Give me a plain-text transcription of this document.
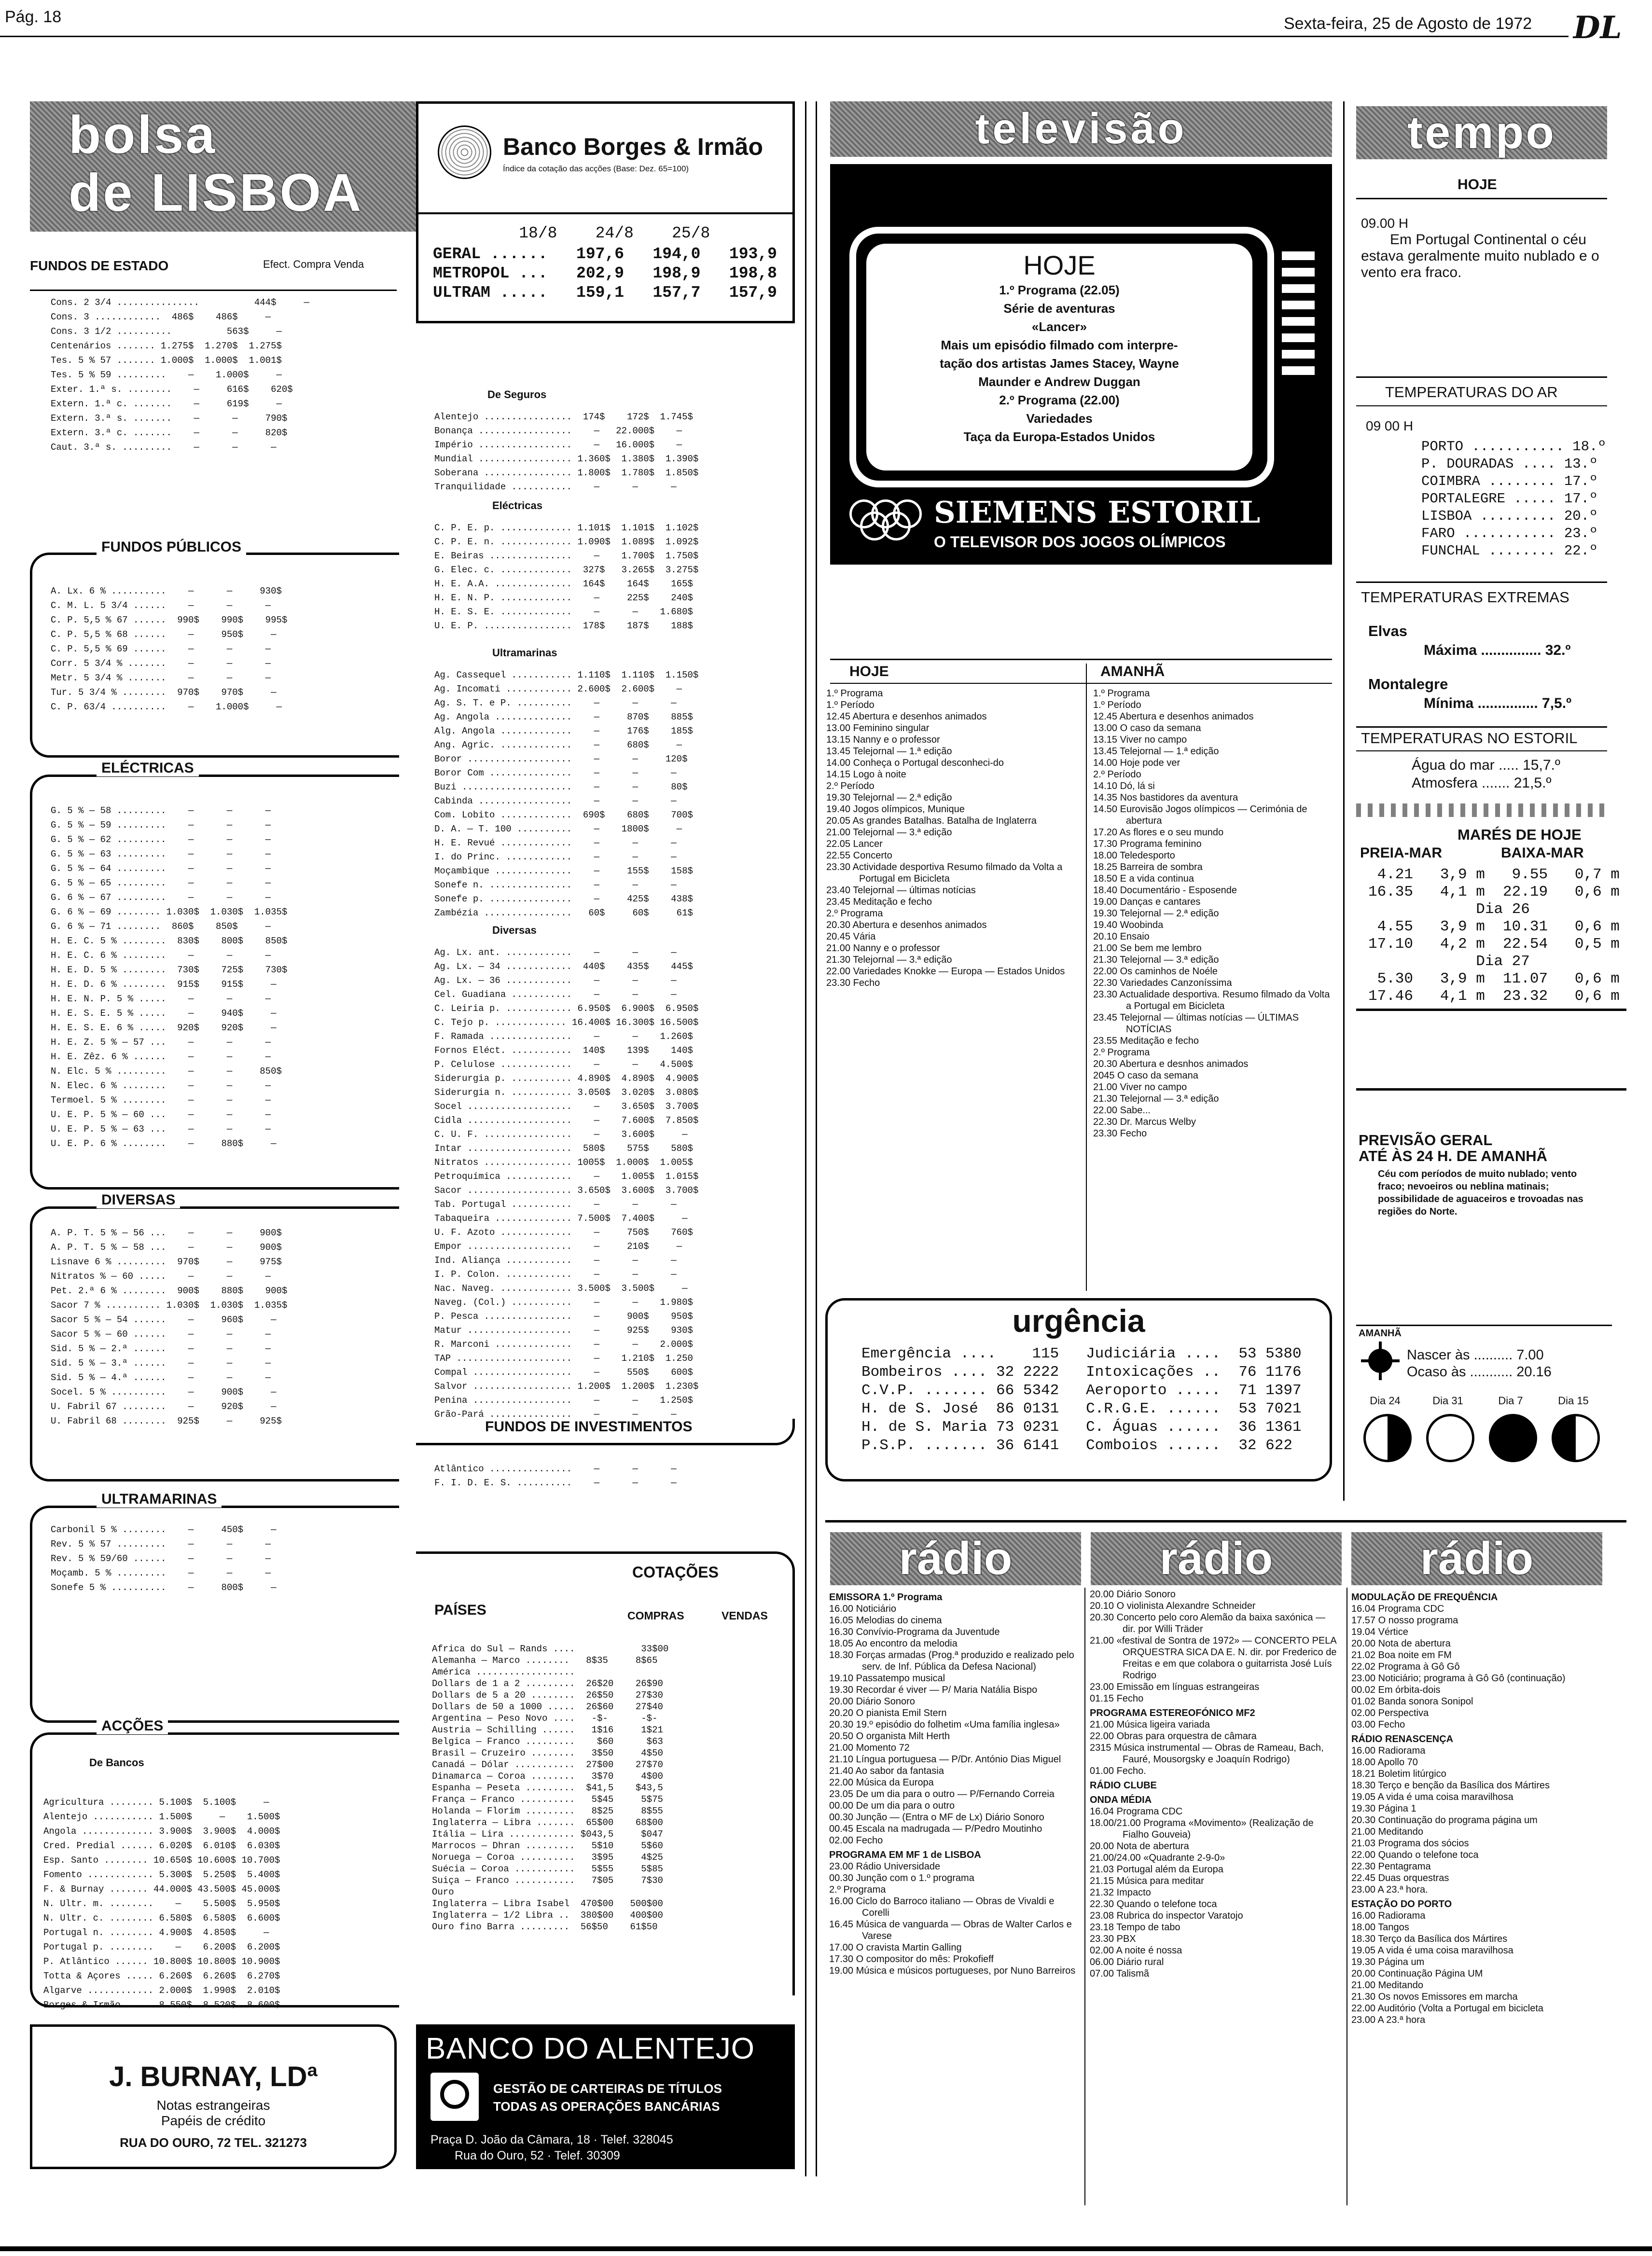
Pág. 18	Sexta-feira, 25 de Agosto de 1972 DL
bolsa
de LISBOA
FUNDOS DE ESTADO	Efect. Compra Venda
Cons. 2 3/4 ...............          444$     —
Cons. 3 ............  486$    486$     —
Cons. 3 1/2 ..........          563$     —
Centenários ....... 1.275$  1.270$  1.275$
Tes. 5 % 57 ....... 1.000$  1.000$  1.001$
Tes. 5 % 59 .........    —    1.000$     —
Exter. 1.ª s. ........    —     616$    620$
Extern. 1.ª c. .......    —     619$     —
Extern. 3.ª s. .......    —      —     790$
Extern. 3.ª c. .......    —      —     820$
Caut. 3.ª s. .........    —      —      —
FUNDOS PÚBLICOS
A. Lx. 6 % ..........    —      —     930$
C. M. L. 5 3/4 ......    —      —      —
C. P. 5,5 % 67 ......  990$    990$    995$
C. P. 5,5 % 68 ......    —     950$     —
C. P. 5,5 % 69 ......    —      —      —
Corr. 5 3/4 % .......    —      —      —
Metr. 5 3/4 % .......    —      —      —
Tur. 5 3/4 % ........  970$    970$     —
C. P. 63/4 ..........    —    1.000$     —
ELÉCTRICAS
G. 5 % — 58 .........    —      —      —
G. 5 % — 59 .........    —      —      —
G. 5 % — 62 .........    —      —      —
G. 5 % — 63 .........    —      —      —
G. 5 % — 64 .........    —      —      —
G. 5 % — 65 .........    —      —      —
G. 6 % — 67 .........    —      —      —
G. 6 % — 69 ........ 1.030$  1.030$  1.035$
G. 6 % — 71 ........  860$    850$     —
H. E. C. 5 % ........  830$    800$    850$
H. E. C. 6 % ........    —      —      —
H. E. D. 5 % ........  730$    725$    730$
H. E. D. 6 % ........  915$    915$     —
H. E. N. P. 5 % .....    —      —      —
H. E. S. E. 5 % .....    —     940$     —
H. E. S. E. 6 % .....  920$    920$     —
H. E. Z. 5 % — 57 ...    —      —      —
H. E. Zêz. 6 % ......    —      —      —
N. Elc. 5 % .........    —      —     850$
N. Elec. 6 % ........    —      —      —
Termoel. 5 % ........    —      —      —
U. E. P. 5 % — 60 ...    —      —      —
U. E. P. 5 % — 63 ...    —      —      —
U. E. P. 6 % ........    —     880$     —
DIVERSAS
A. P. T. 5 % — 56 ...    —      —     900$
A. P. T. 5 % — 58 ...    —      —     900$
Lisnave 6 % .........  970$     —     975$
Nitratos % — 60 .....    —      —      —
Pet. 2.ª 6 % ........  900$    880$    900$
Sacor 7 % .......... 1.030$  1.030$  1.035$
Sacor 5 % — 54 ......    —     960$     —
Sacor 5 % — 60 ......    —      —      —
Sid. 5 % — 2.ª ......    —      —      —
Sid. 5 % — 3.ª ......    —      —      —
Sid. 5 % — 4.ª ......    —      —      —
Socel. 5 % ..........    —     900$     —
U. Fabril 67 ........    —     920$     —
U. Fabril 68 ........  925$     —     925$
ULTRAMARINAS
Carbonil 5 % ........    —     450$     —
Rev. 5 % 57 .........    —      —      —
Rev. 5 % 59/60 ......    —      —      —
Moçamb. 5 % .........    —      —      —
Sonefe 5 % ..........    —     800$     —
ACÇÕES
De Bancos
Agricultura ........ 5.100$  5.100$     —
Alentejo ........... 1.500$     —    1.500$
Angola ............. 3.900$  3.900$  4.000$
Cred. Predial ...... 6.020$  6.010$  6.030$
Esp. Santo ........ 10.650$ 10.600$ 10.700$
Fomento ............ 5.300$  5.250$  5.400$
F. & Burnay ....... 44.000$ 43.500$ 45.000$
N. Ultr. m. ........    —    5.500$  5.950$
N. Ultr. c. ........ 6.580$  6.580$  6.600$
Portugal n. ........ 4.900$  4.850$     —
Portugal p. ........    —    6.200$  6.200$
P. Atlântico ...... 10.800$ 10.800$ 10.900$
Totta & Açores ..... 6.260$  6.260$  6.270$
Algarve ............ 2.000$  1.990$  2.010$
Borges & Irmão ..... 8.550$  8.520$  8.600$
J. BURNAY, LDª
Notas estrangeiras
Papéis de crédito
RUA DO OURO, 72 TEL. 321273
Banco Borges & Irmão
Índice da cotação das acções (Base: Dez. 65=100)
18/8    24/8    25/8
GERAL ......   197,6   194,0   193,9
METROPOL ...   202,9   198,9   198,8
ULTRAM .....   159,1   157,7   157,9
De Seguros
Alentejo ................  174$    172$  1.745$
Bonança .................    —   22.000$    —
Império .................    —   16.000$    —
Mundial ................. 1.360$  1.380$  1.390$
Soberana ................ 1.800$  1.780$  1.850$
Tranquilidade ...........    —      —      —
Eléctricas
C. P. E. p. ............. 1.101$  1.101$  1.102$
C. P. E. n. ............. 1.090$  1.089$  1.092$
E. Beiras ...............    —    1.700$  1.750$
G. Elec. c. .............  327$   3.265$  3.275$
H. E. A.A. ..............  164$    164$    165$
H. E. N. P. .............    —     225$    240$
H. E. S. E. .............    —      —    1.680$
U. E. P. ................  178$    187$    188$
Ultramarinas
Ag. Cassequel ........... 1.110$  1.110$  1.150$
Ag. Incomati ............ 2.600$  2.600$    —
Ag. S. T. e P. ..........    —      —      —
Ag. Angola ..............    —     870$    885$
Alg. Angola .............    —     176$    185$
Ang. Agric. .............    —     680$     —
Boror ...................    —      —     120$
Boror Com ...............    —      —      —
Buzi ....................    —      —      80$
Cabinda .................    —      —      —
Com. Lobito .............  690$    680$    700$
D. A. — T. 100 ..........    —    1800$     —
H. E. Revué .............    —      —      —
I. do Princ. ............    —      —      —
Moçambique ..............    —     155$    158$
Sonefe n. ...............    —      —      —
Sonefe p. ...............    —     425$    438$
Zambézia ................   60$     60$     61$
Diversas
Ag. Lx. ant. ............    —      —      —
Ag. Lx. — 34 ............  440$    435$    445$
Ag. Lx. — 36 ............    —      —      —
Cel. Guadiana ...........    —      —      —
C. Leiria p. ............ 6.950$  6.900$  6.950$
C. Tejo p. ............. 16.400$ 16.300$ 16.500$
F. Ramada ...............    —      —    1.260$
Fornos Eléct. ...........  140$    139$    140$
P. Celulose .............    —      —    4.500$
Siderurgia p. ........... 4.890$  4.890$  4.900$
Siderurgia n. ........... 3.050$  3.020$  3.080$
Socel ...................    —    3.650$  3.700$
Cidla ...................    —    7.600$  7.850$
C. U. F. ................    —    3.600$     —
Intar ...................  580$    575$    580$
Nitratos ................ 1005$  1.000$  1.005$
Petroquímica ............    —    1.005$  1.015$
Sacor ................... 3.650$  3.600$  3.700$
Tab. Portugal ...........    —      —      —
Tabaqueira .............. 7.500$  7.400$     —
U. F. Azoto .............    —     750$    760$
Empor ...................    —     210$     —
Ind. Aliança ............    —      —      —
I. P. Colon. ............    —      —      —
Nac. Naveg. ............. 3.500$  3.500$     —
Naveg. (Col.) ...........    —      —    1.980$
P. Pesca ................    —     900$    950$
Matur ...................    —     925$    930$
R. Marconi ..............    —      —    2.000$
TAP .....................    —    1.210$  1.250
Compal ..................    —     550$    600$
Salvor .................. 1.200$  1.200$  1.230$
Penina ..................    —      —    1.250$
Grão-Pará ...............    —      —      —
FUNDOS DE INVESTIMENTOS
Atlântico ...............    —      —      —
F. I. D. E. S. ..........    —      —      —
COTAÇÕES
PAÍSES	COMPRAS	VENDAS
Africa do Sul — Rands ....            33$00
Alemanha — Marco ........   8$35     8$65
América ..................
Dollars de 1 a 2 .........  26$20    26$90
Dollars de 5 a 20 ........  26$50    27$30
Dollars de 50 a 1000 .....  26$60    27$40
Argentina — Peso Novo ....   -$-      -$-
Austria — Schilling ......   1$16     1$21
Belgica — Franco .........    $60      $63
Brasil — Cruzeiro ........   3$50     4$50
Canadá — Dólar ...........  27$00    27$70
Dinamarca — Coroa ........   3$70     4$00
Espanha — Peseta .........  $41,5    $43,5
França — Franco ..........   5$45     5$75
Holanda — Florim .........   8$25     8$55
Inglaterra — Libra .......  65$00    68$00
Itália — Lira ............ $043,5     $047
Marrocos — Dhran .........   5$10     5$60
Noruega — Coroa ..........   3$95     4$25
Suécia — Coroa ...........   5$55     5$85
Suiça — Franco ...........   7$05     7$30
Ouro
Inglaterra — Libra Isabel  470$00   500$00
Inglaterra — 1/2 Libra ..  380$00   400$00
Ouro fino Barra .........  56$50    61$50
BANCO DO ALENTEJO
GESTÃO DE CARTEIRAS DE TÍTULOS
TODAS AS OPERAÇÕES BANCÁRIAS
Praça D. João da Câmara, 18 · Telef. 328045
Rua do Ouro, 52 · Telef. 30309
televisão
HOJE
1.º Programa (22.05)
Série de aventuras
«Lancer»
Mais um episódio filmado com interpre-
tação dos artistas James Stacey, Wayne
Maunder e Andrew Duggan
2.º Programa (22.00)
Variedades
Taça da Europa-Estados Unidos
SIEMENS ESTORIL
O TELEVISOR DOS JOGOS OLÍMPICOS
HOJE	AMANHÃ
1.º Programa
1.º Período
12.45 Abertura e desenhos animados
13.00 Feminino singular
13.15 Nanny e o professor
13.45 Telejornal — 1.ª edição
14.00 Conheça o Portugal desconheci-do
14.15 Logo à noite
2.º Período
19.30 Telejornal — 2.ª edição
19.40 Jogos olímpicos, Munique
20.05 As grandes Batalhas. Batalha de Inglaterra
21.00 Telejornal — 3.ª edição
22.05 Lancer
22.55 Concerto
23.30 Actividade desportiva Resumo filmado da Volta a Portugal em Bicicleta
23.40 Telejornal — últimas notícias
23.45 Meditação e fecho
2.º Programa
20.30 Abertura e desenhos animados
20.45 Vária
21.00 Nanny e o professor
21.30 Telejornal — 3.ª edição
22.00 Variedades Knokke — Europa — Estados Unidos
23.30 Fecho
1.º Programa
1.º Período
12.45 Abertura e desenhos animados
13.00 O caso da semana
13.15 Viver no campo
13.45 Telejornal — 1.ª edição
14.00 Hoje pode ver
2.º Período
14.10 Dó, lá si
14.35 Nos bastidores da aventura
14.50 Eurovisão Jogos olímpicos — Cerimónia de abertura
17.20 As flores e o seu mundo
17.30 Programa feminino
18.00 Teledesporto
18.25 Barreira de sombra
18.50 E a vida continua
18.40 Documentário - Esposende
19.00 Danças e cantares
19.30 Telejornal — 2.ª edição
19.40 Woobinda
20.10 Ensaio
21.00 Se bem me lembro
21.30 Telejornal — 3.ª edição
22.00 Os caminhos de Noéle
22.30 Variedades Canzoníssima
23.30 Actualidade desportiva. Resumo filmado da Volta a Portugal em Bicicleta
23.45 Telejornal — últimas notícias — ÚLTIMAS NOTÍCIAS
23.55 Meditação e fecho
2.º Programa
20.30 Abertura e desnhos animados
2045 O caso da semana
21.00 Viver no campo
21.30 Telejornal — 3.ª edição
22.00 Sabe...
22.30 Dr. Marcus Welby
23.30 Fecho
urgência
Emergência ....    115   Judiciária ....  53 5380
Bombeiros .... 32 2222   Intoxicações ..  76 1176
C.V.P. ....... 66 5342   Aeroporto .....  71 1397
H. de S. José  86 0131   C.R.G.E. ......  53 7021
H. de S. Maria 73 0231   C. Águas ......  36 1361
P.S.P. ....... 36 6141   Comboios ......  32 622
rádio	rádio	rádio
EMISSORA 1.º Programa
16.00 Noticiário
16.05 Melodias do cinema
16.30 Convívio-Programa da Juventude
18.05 Ao encontro da melodia
18.30 Forças armadas (Prog.ª produzido e realizado pelo serv. de Inf. Pública da Defesa Nacional)
19.10 Passatempo musical
19.30 Recordar é viver — P/ Maria Natália Bispo
20.00 Diário Sonoro
20.20 O pianista Emil Stern
20.30 19.º episódio do folhetim «Uma família inglesa»
20.50 O organista Milt Herth
21.00 Momento 72
21.10 Língua portuguesa — P/Dr. António Dias Miguel
21.40 Ao sabor da fantasia
22.00 Música da Europa
23.05 De um dia para o outro — P/Fernando Correia
00.00 De um dia para o outro
00.30 Junção — (Entra o MF de Lx) Diário Sonoro
00.45 Escala na madrugada — P/Pedro Moutinho
02.00 Fecho
PROGRAMA EM MF 1 de LISBOA
23.00 Rádio Universidade
00.30 Junção com o 1.º programa
2.º Programa
16.00 Ciclo do Barroco italiano — Obras de Vivaldi e Corelli
16.45 Música de vanguarda — Obras de Walter Carlos e Varese
17.00 O cravista Martin Galling
17.30 O compositor do mês: Prokofieff
19.00 Música e músicos portugueses, por Nuno Barreiros
20.00 Diário Sonoro
20.10 O violinista Alexandre Schneider
20.30 Concerto pelo coro Alemão da baixa saxónica — dir. por Willi Träder
21.00 «festival de Sontra de 1972» — CONCERTO PELA ORQUESTRA SICA DA E. N. dir. por Frederico de Freitas e em que colabora o guitarrista José Luís Rodrigo
23.00 Emissão em línguas estrangeiras
01.15 Fecho
PROGRAMA ESTEREOFÓNICO MF2
21.00 Música ligeira variada
22.00 Obras para orquestra de câmara
2315 Música instrumental — Obras de Rameau, Bach, Fauré, Mousorgsky e Joaquín Rodrigo)
01.00 Fecho.
RÁDIO CLUBE
ONDA MÉDIA
16.04 Programa CDC
18.00/21.00 Programa «Movimento» (Realização de Fialho Gouveia)
20.00 Nota de abertura
21.00/24.00 «Quadrante 2-9-0»
21.03 Portugal além da Europa
21.15 Música para meditar
21.32 Impacto
22.30 Quando o telefone toca
23.08 Rubrica do inspector Varatojo
23.18 Tempo de tabo
23.30 PBX
02.00 A noite é nossa
06.00 Diário rural
07.00 Talismã
MODULAÇÃO DE FREQUÊNCIA
16.04 Programa CDC
17.57 O nosso programa
19.04 Vértice
20.00 Nota de abertura
21.02 Boa noite em FM
22.02 Programa à Gô Gô
23.00 Noticiário; programa à Gô Gô (continuação)
00.02 Em órbita-dois
01.02 Banda sonora Sonipol
02.00 Perspectiva
03.00 Fecho
RÁDIO RENASCENÇA
16.00 Radiorama
18.00 Apollo 70
18.21 Boletim litúrgico
18.30 Terço e benção da Basílica dos Mártires
19.05 A vida é uma coisa maravilhosa
19.30 Página 1
20.30 Continuação do programa página um
21.00 Meditando
21.03 Programa dos sócios
22.00 Quando o telefone toca
22.30 Pentagrama
22.45 Duas orquestras
23.00 A 23.ª hora.
ESTAÇÃO DO PORTO
16.00 Radiorama
18.00 Tangos
18.30 Terço da Basílica dos Mártires
19.05 A vida é uma coisa maravilhosa
19.30 Página um
20.00 Continuação Página UM
21.00 Meditando
21.30 Os novos Emissores em marcha
22.00 Auditório (Volta a Portugal em bicicleta
23.00 A 23.ª hora
tempo
HOJE
09.00 H
Em Portugal Continental o céu estava geralmente muito nublado e o vento era fraco.
TEMPERATURAS DO AR
09 00 H
PORTO ........... 18.º
P. DOURADAS .... 13.º
COIMBRA ........ 17.º
PORTALEGRE ..... 17.º
LISBOA ......... 20.º
FARO ........... 23.º
FUNCHAL ........ 22.º
TEMPERATURAS EXTREMAS
Elvas
Máxima ............... 32.º
Montalegre
Mínima ............... 7,5.º
TEMPERATURAS NO ESTORIL
Água do mar ..... 15,7.º
Atmosfera ....... 21,5.º
MARÉS DE HOJE
PREIA-MAR	BAIXA-MAR
4.21   3,9 m   9.55   0,7 m
16.35   4,1 m  22.19   0,6 m
Dia 26
4.55   3,9 m  10.31   0,6 m
17.10   4,2 m  22.54   0,5 m
Dia 27
5.30   3,9 m  11.07   0,6 m
17.46   4,1 m  23.32   0,6 m
PREVISÃO GERAL
ATÉ ÀS 24 H. DE AMANHÃ
Céu com períodos de muito nublado; vento fraco; nevoeiros ou neblina matinais; possibilidade de aguaceiros e trovoadas nas regiões do Norte.
AMANHÃ
Nascer às .......... 7.00
Ocaso às ........... 20.16
Dia 24	Dia 31	Dia 7	Dia 15
